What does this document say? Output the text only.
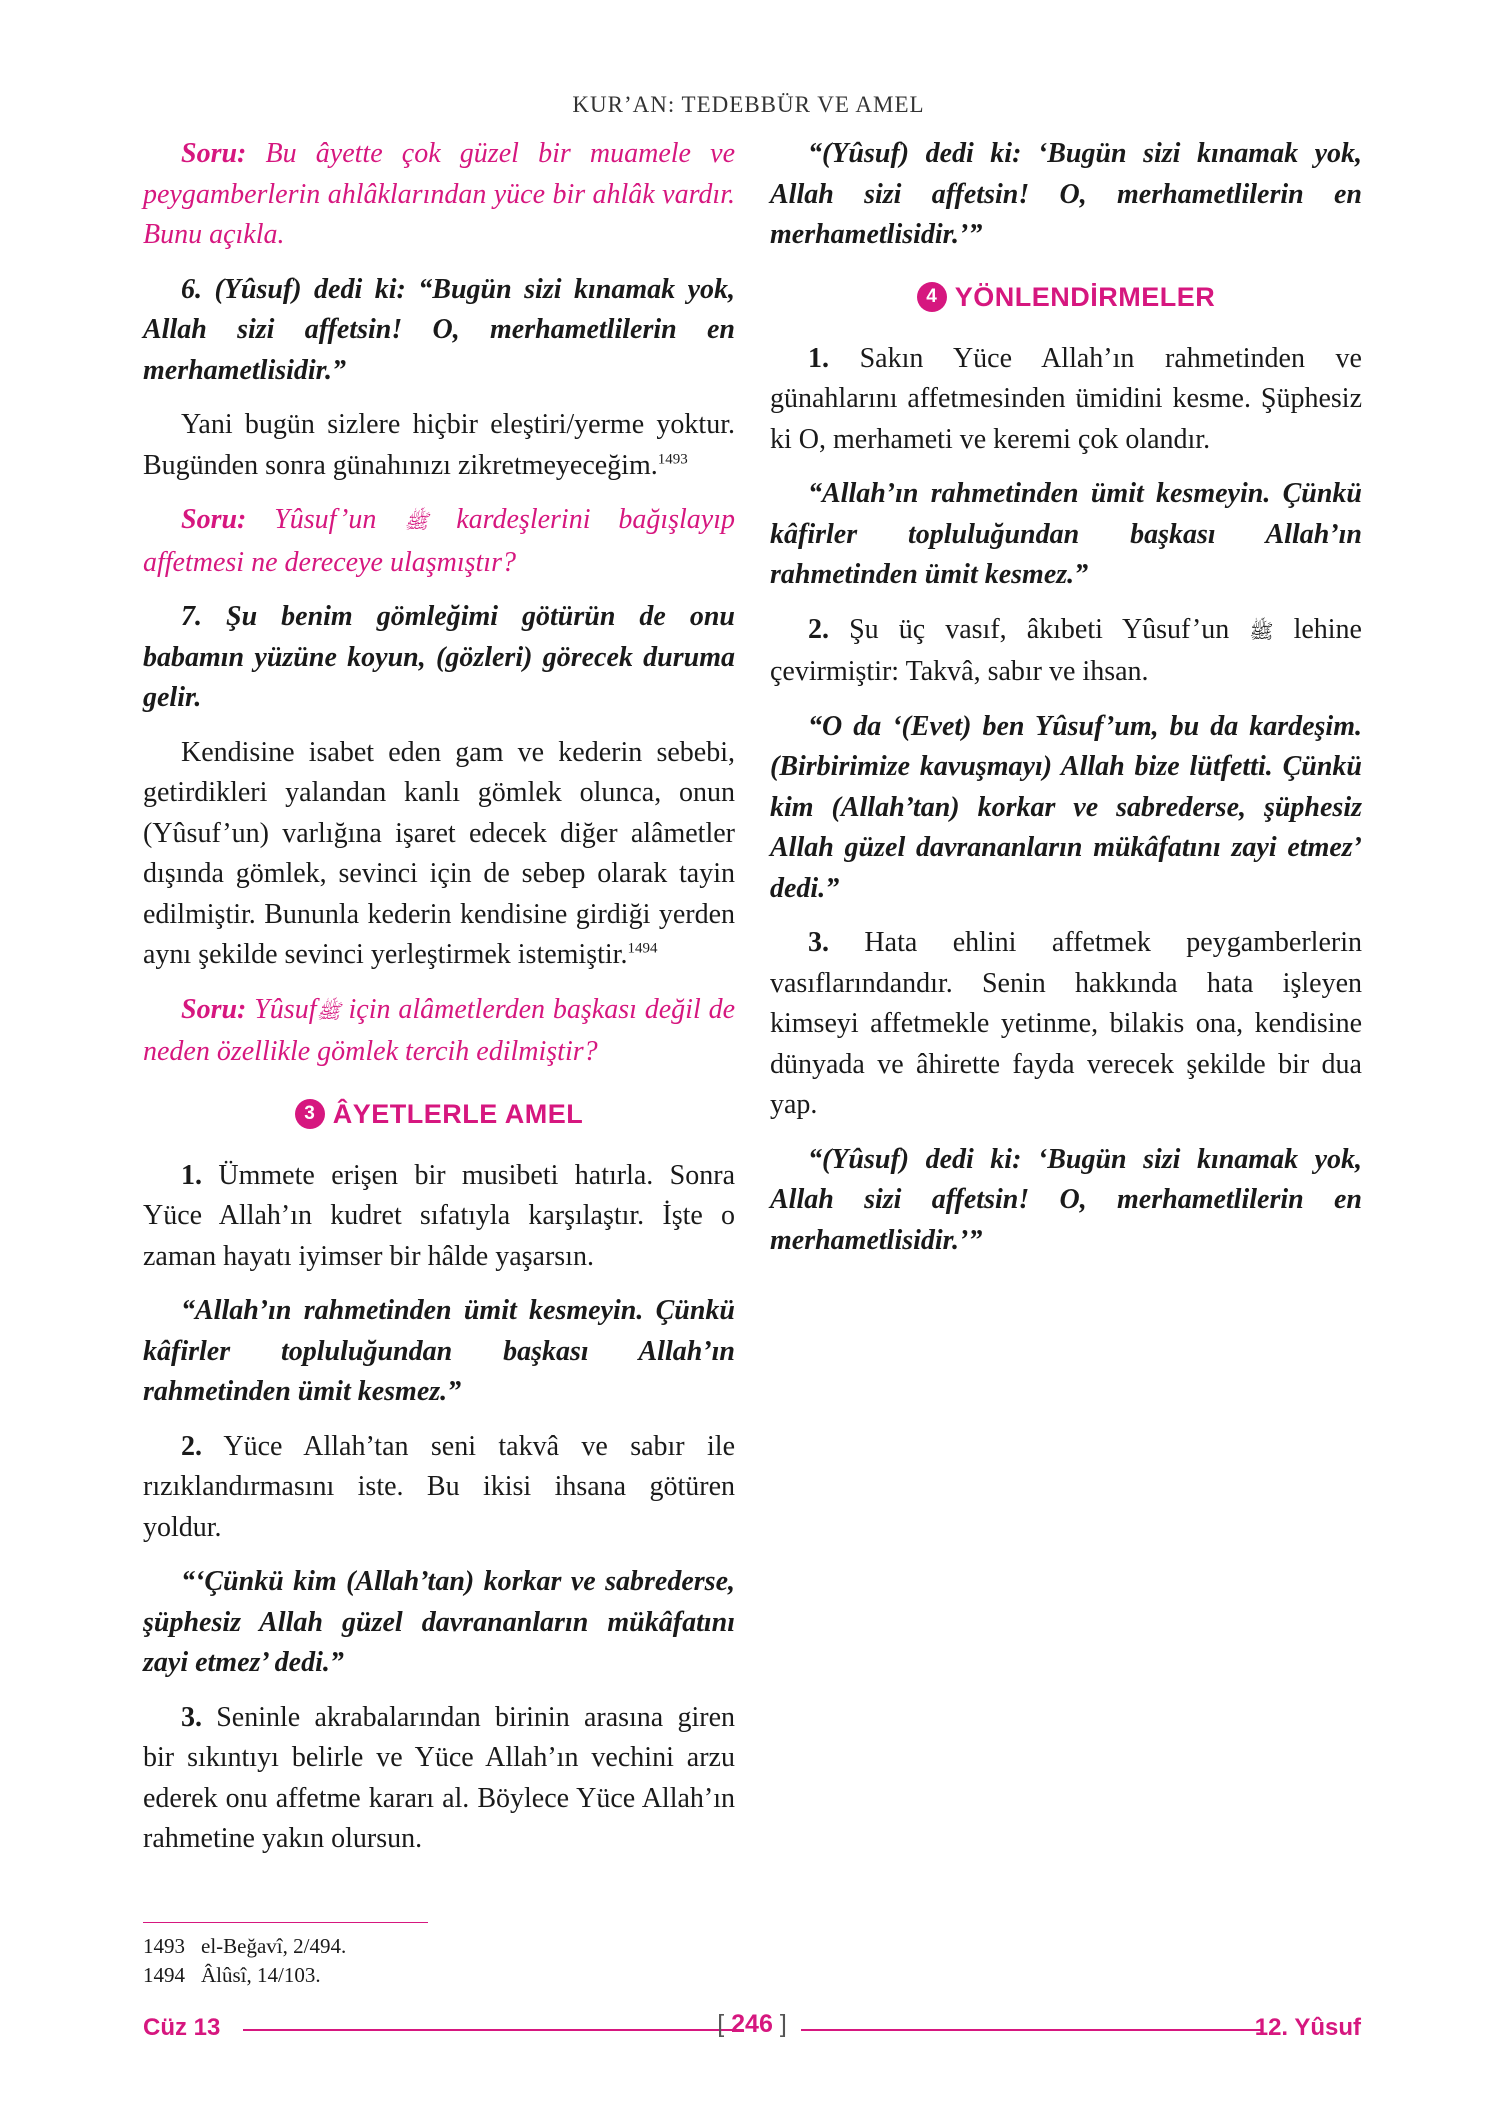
KUR’AN: TEDEBBÜR VE AMEL

Soru: Bu âyette çok güzel bir muamele ve peygamberlerin ahlâklarından yüce bir ahlâk vardır. Bunu açıkla.

6. (Yûsuf) dedi ki: “Bugün sizi kınamak yok, Allah sizi affetsin! O, merhametlilerin en merhametlisidir.”

Yani bugün sizlere hiçbir eleştiri/yerme yoktur. Bugünden sonra günahınızı zikretmeyeceğim.$^{1493}$

Soru: Yûsuf’un ﷺ kardeşlerini bağışlayıp affetmesi ne dereceye ulaşmıştır?

7. Şu benim gömleğimi götürün de onu babamın yüzüne koyun, (gözleri) görecek duruma gelir.

Kendisine isabet eden gam ve kederin sebebi, getirdikleri yalandan kanlı gömlek olunca, onun (Yûsuf’un) varlığına işaret edecek diğer alâmetler dışında gömlek, sevinci için de sebep olarak tayin edilmiştir. Bununla kederin kendisine girdiği yerden aynı şekilde sevinci yerleştirmek istemiştir.$^{1494}$

Soru: Yûsufﷺ için alâmetlerden başkası değil de neden özellikle gömlek tercih edilmiştir?

3 ÂYETLERLE AMEL

1. Ümmete erişen bir musibeti hatırla. Sonra Yüce Allah’ın kudret sıfatıyla karşılaştır. İşte o zaman hayatı iyimser bir hâlde yaşarsın.

“Allah’ın rahmetinden ümit kesmeyin. Çünkü kâfirler topluluğundan başkası Allah’ın rahmetinden ümit kesmez.”

2. Yüce Allah’tan seni takvâ ve sabır ile rızıklandırmasını iste. Bu ikisi ihsana götüren yoldur.

“‘Çünkü kim (Allah’tan) korkar ve sabrederse, şüphesiz Allah güzel davrananların mükâfatını zayi etmez’ dedi.”

3. Seninle akrabalarından birinin arasına giren bir sıkıntıyı belirle ve Yüce Allah’ın vechini arzu ederek onu affetme kararı al. Böylece Yüce Allah’ın rahmetine yakın olursun.

“(Yûsuf) dedi ki: ‘Bugün sizi kınamak yok, Allah sizi affetsin! O, merhametlilerin en merhametlisidir.’”

4 YÖNLENDİRMELER

1. Sakın Yüce Allah’ın rahmetinden ve günahlarını affetmesinden ümidini kesme. Şüphesiz ki O, merhameti ve keremi çok olandır.

“Allah’ın rahmetinden ümit kesmeyin. Çünkü kâfirler topluluğundan başkası Allah’ın rahmetinden ümit kesmez.”

2. Şu üç vasıf, âkıbeti Yûsuf’un ﷺ lehine çevirmiştir: Takvâ, sabır ve ihsan.

“O da ‘(Evet) ben Yûsuf’um, bu da kardeşim. (Birbirimize kavuşmayı) Allah bize lütfetti. Çünkü kim (Allah’tan) korkar ve sabrederse, şüphesiz Allah güzel davrananların mükâfatını zayi etmez’ dedi.”

3. Hata ehlini affetmek peygamberlerin vasıflarındandır. Senin hakkında hata işleyen kimseyi affetmekle yetinme, bilakis ona, kendisine dünyada ve âhirette fayda verecek şekilde bir dua yap.

“(Yûsuf) dedi ki: ‘Bugün sizi kınamak yok, Allah sizi affetsin! O, merhametlilerin en merhametlisidir.’”

1493 el-Beğavî, 2/494.
1494 Âlûsî, 14/103.
Cüz 13	[ 246 ]	12. Yûsuf
